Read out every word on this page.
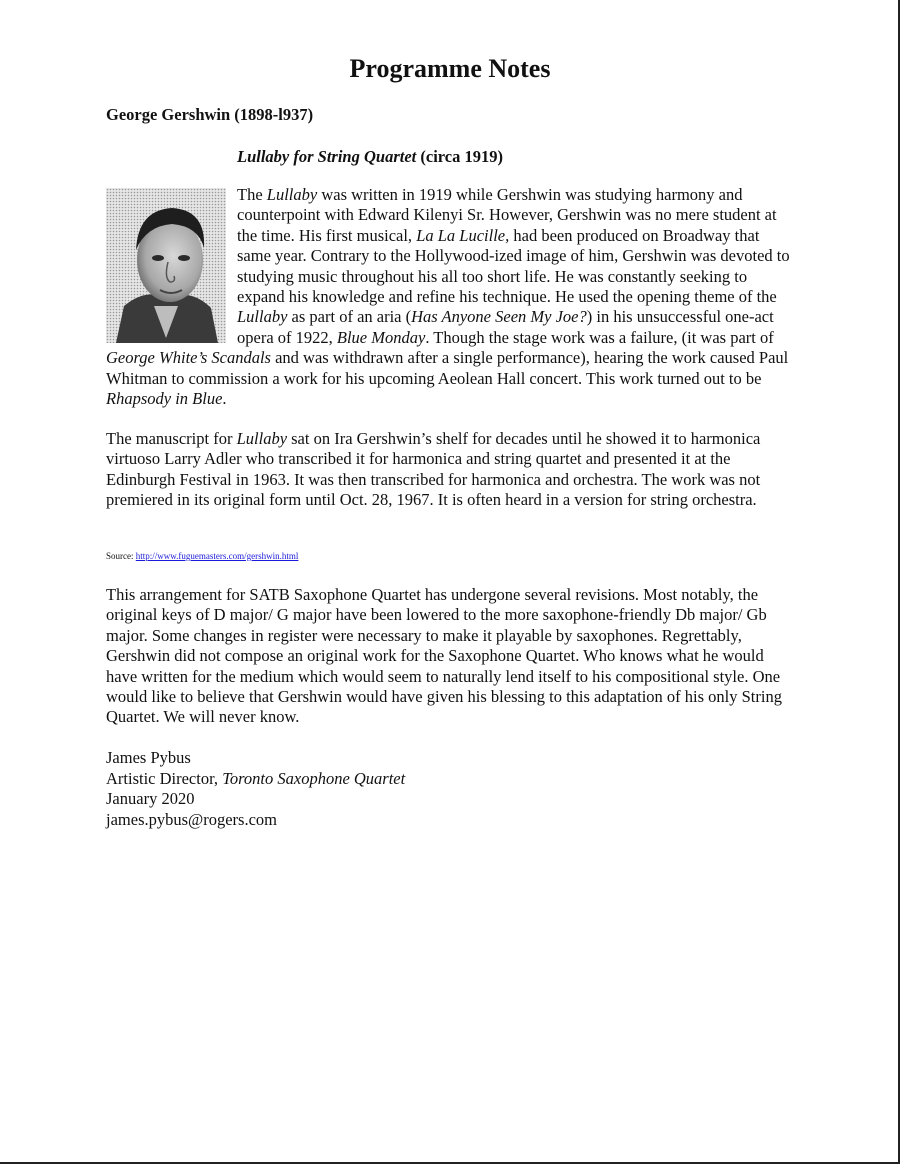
Programme Notes
George Gershwin (1898-l937)
Lullaby for String Quartet (circa 1919)
The Lullaby was written in 1919 while Gershwin was studying harmony and counterpoint with Edward Kilenyi Sr. However, Gershwin was no mere student at the time. His first musical, La La Lucille, had been produced on Broadway that same year. Contrary to the Hollywood-ized image of him, Gershwin was devoted to studying music throughout his all too short life. He was constantly seeking to expand his knowledge and refine his technique. He used the opening theme of the Lullaby as part of an aria (Has Anyone Seen My Joe?) in his unsuccessful one-act opera of 1922, Blue Monday. Though the stage work was a failure, (it was part of George White’s Scandals and was withdrawn after a single performance), hearing the work caused Paul Whitman to commission a work for his upcoming Aeolean Hall concert. This work turned out to be Rhapsody in Blue.
The manuscript for Lullaby sat on Ira Gershwin’s shelf for decades until he showed it to harmonica virtuoso Larry Adler who transcribed it for harmonica and string quartet and presented it at the Edinburgh Festival in 1963. It was then transcribed for harmonica and orchestra. The work was not premiered in its original form until Oct. 28, 1967. It is often heard in a version for string orchestra.
Source: http://www.fuguemasters.com/gershwin.html
This arrangement for SATB Saxophone Quartet has undergone several revisions. Most notably, the original keys of D major/ G major have been lowered to the more saxophone-friendly Db major/ Gb major. Some changes in register were necessary to make it playable by saxophones. Regrettably, Gershwin did not compose an original work for the Saxophone Quartet. Who knows what he would have written for the medium which would seem to naturally lend itself to his compositional style. One would like to believe that Gershwin would have given his blessing to this adaptation of his only String Quartet. We will never know.
James Pybus
Artistic Director, Toronto Saxophone Quartet
January 2020
james.pybus@rogers.com
